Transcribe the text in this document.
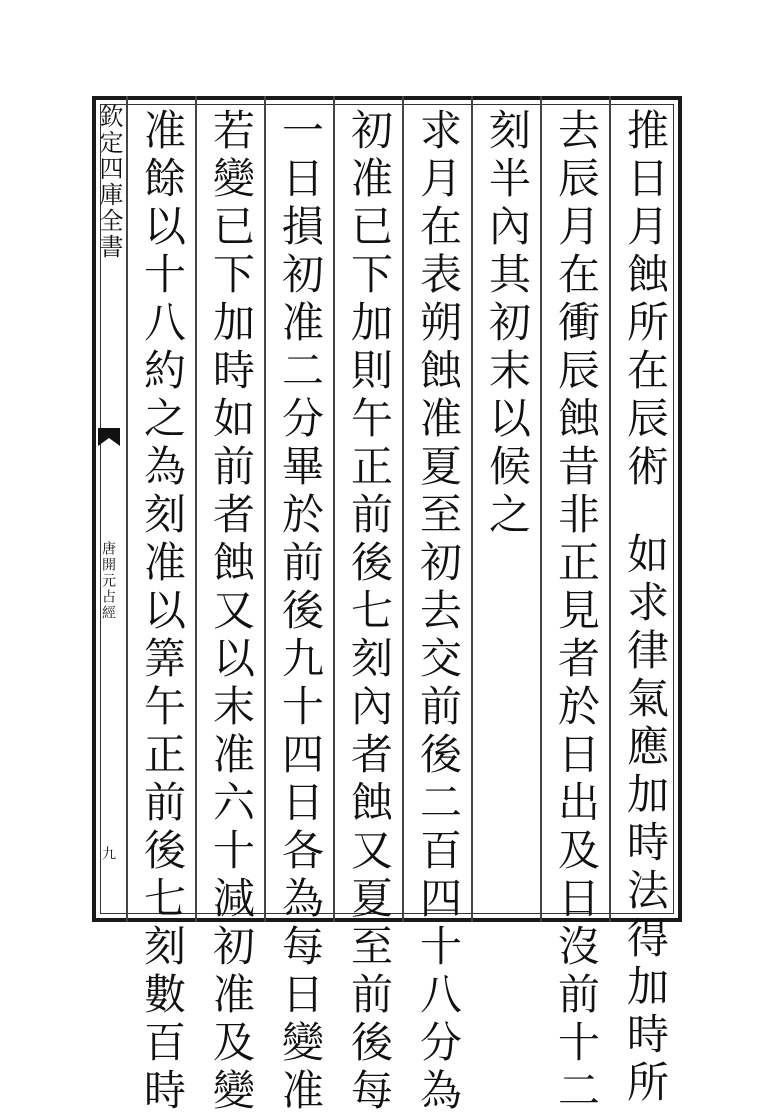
欽定四庫全書
唐開元占經
九
推日月蝕所在辰術如求律氣應加時法得加時所
去辰月在衝辰蝕昔非正見者於日出及日沒前十二
刻半內其初末以候之
求月在表朔蝕准夏至初去交前後二百四十八分為
初准已下加則午正前後七刻內者蝕又夏至前後每
一日損初准二分畢於前後九十四日各為每日變准
若變已下加時如前者蝕又以末准六十減初准及變
准餘以十八約之為刻准以筭午正前後七刻數百時
